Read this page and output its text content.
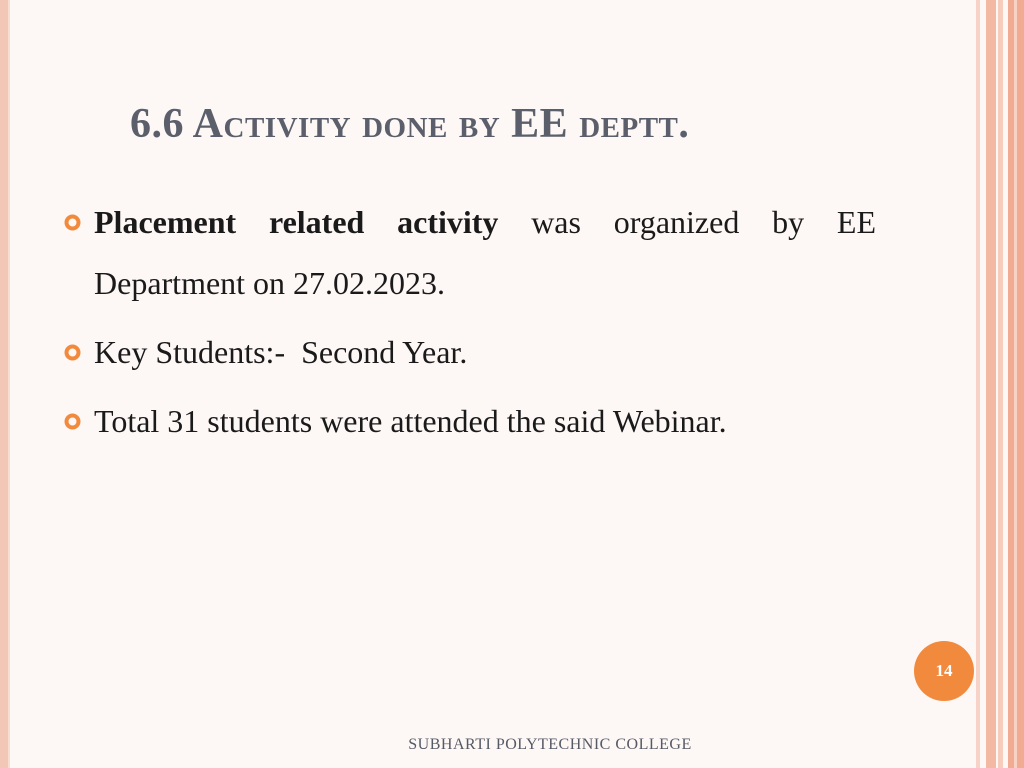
6.6 Activity done by EE deptt.
Placement related activity was organized by EE Department on 27.02.2023.
Key Students:-  Second Year.
Total 31 students were attended the said Webinar.
14
SUBHARTI POLYTECHNIC COLLEGE
